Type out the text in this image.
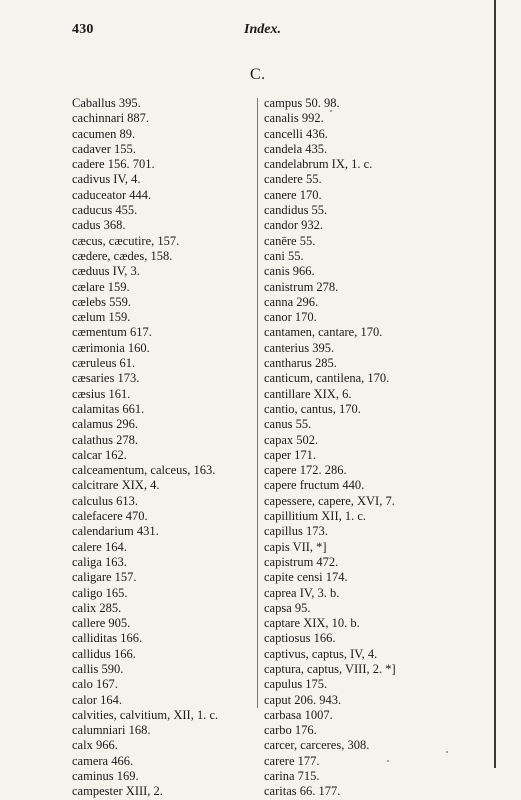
430	Index.
C.
Caballus 395.
cachinnari 887.
cacumen 89.
cadaver 155.
cadere 156. 701.
cadivus IV, 4.
caduceator 444.
caducus 455.
cadus 368.
cæcus, cæcutire, 157.
cædere, cædes, 158.
cæduus IV, 3.
cælare 159.
cælebs 559.
cælum 159.
cæmentum 617.
cærimonia 160.
cæruleus 61.
cæsaries 173.
cæsius 161.
calamitas 661.
calamus 296.
calathus 278.
calcar 162.
calceamentum, calceus, 163.
calcitrare XIX, 4.
calculus 613.
calefacere 470.
calendarium 431.
calere 164.
caliga 163.
caligare 157.
caligo 165.
calix 285.
callere 905.
calliditas 166.
callidus 166.
callis 590.
calo 167.
calor 164.
calvities, calvitium, XII, 1. c.
calumniari 168.
calx 966.
camera 466.
caminus 169.
campester XIII, 2.
campus 50. 98.
canalis 992.
cancelli 436.
candela 435.
candelabrum IX, 1. c.
candere 55.
canere 170.
candidus 55.
candor 932.
canēre 55.
cani 55.
canis 966.
canistrum 278.
canna 296.
canor 170.
cantamen, cantare, 170.
canterius 395.
cantharus 285.
canticum, cantilena, 170.
cantillare XIX, 6.
cantio, cantus, 170.
canus 55.
capax 502.
caper 171.
capere 172. 286.
capere fructum 440.
capessere, capere, XVI, 7.
capillitium XII, 1. c.
capillus 173.
capis VII, *]
capistrum 472.
capite censi 174.
caprea IV, 3. b.
capsa 95.
captare XIX, 10. b.
captiosus 166.
captivus, captus, IV, 4.
captura, captus, VIII, 2. *]
capulus 175.
caput 206. 943.
carbasa 1007.
carbo 176.
carcer, carceres, 308.
carere 177.
carina 715.
caritas 66. 177.
